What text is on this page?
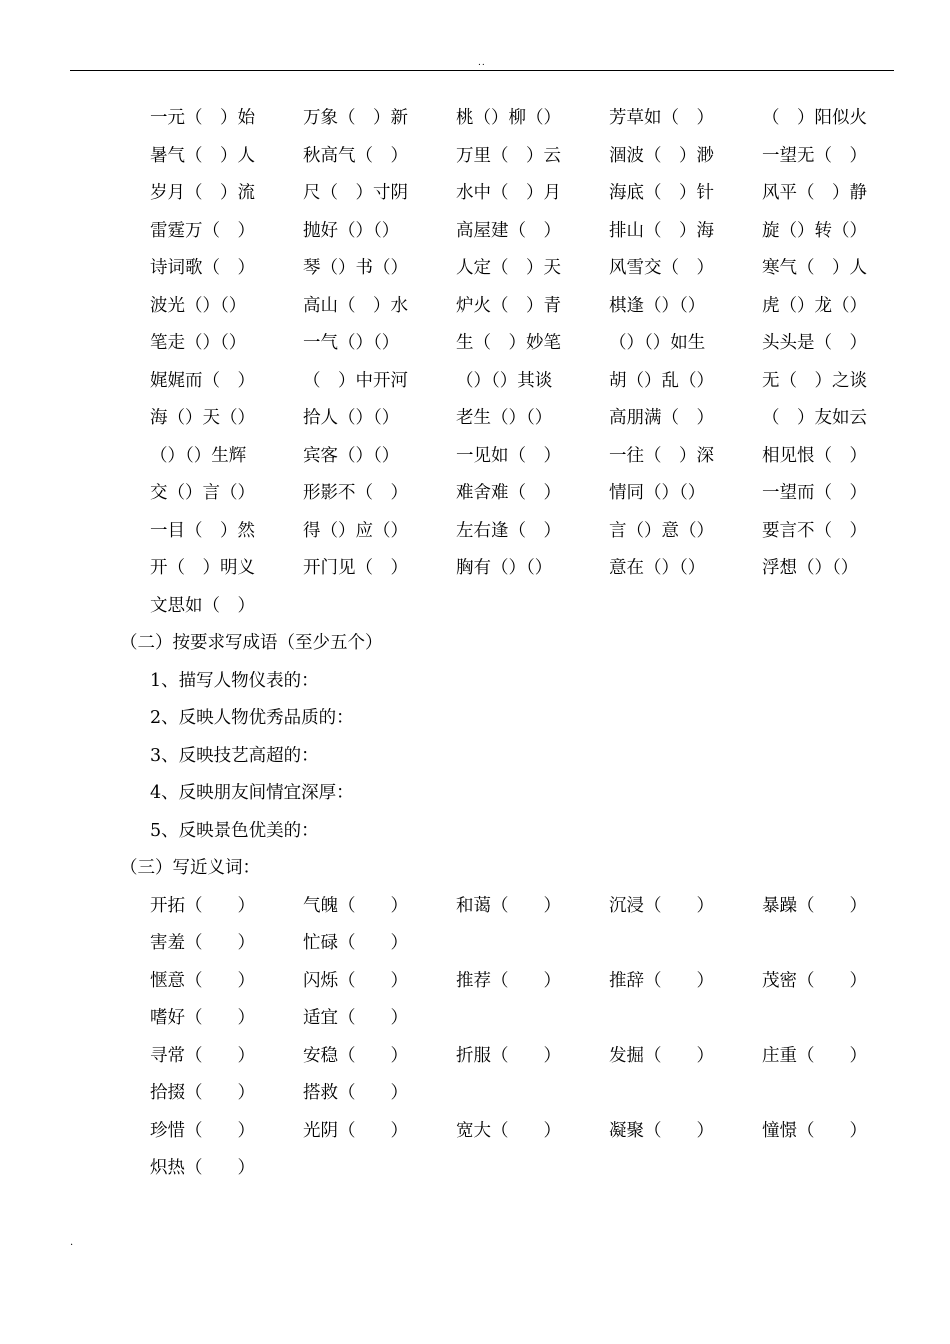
..
一元（　）始	万象（　）新	桃（）柳（）	芳草如（　）	（　）阳似火
暑气（　）人	秋高气（　）	万里（　）云	涸波（　）渺	一望无（　）
岁月（　）流	尺（　）寸阴	水中（　）月	海底（　）针	风平（　）静
雷霆万（　）	抛好（）（）	高屋建（　）	排山（　）海	旋（）转（）
诗词歌（　）	琴（）书（）	人定（　）天	风雪交（　）	寒气（　）人
波光（）（）	高山（　）水	炉火（　）青	棋逢（）（）	虎（）龙（）
笔走（）（）	一气（）（）	生（　）妙笔	（）（）如生	头头是（　）
娓娓而（　）	（　）中开河	（）（）其谈	胡（）乱（）	无（　）之谈
海（）天（）	拾人（）（）	老生（）（）	高朋满（　）	（　）友如云
（）（）生辉	宾客（）（）	一见如（　）	一往（　）深	相见恨（　）
交（）言（）	形影不（　）	难舍难（　）	情同（）（）	一望而（　）
一目（　）然	得（）应（）	左右逢（　）	言（）意（）	要言不（　）
开（　）明义	开门见（　）	胸有（）（）	意在（）（）	浮想（）（）
文思如（　）
（二）按要求写成语（至少五个）
1、描写人物仪表的：
2、反映人物优秀品质的：
3、反映技艺高超的：
4、反映朋友间情宜深厚：
5、反映景色优美的：
（三）写近义词：
开拓（　　）	气魄（　　）	和蔼（　　）	沉浸（　　）	暴躁（　　）
害羞（　　）	忙碌（　　）
惬意（　　）	闪烁（　　）	推荐（　　）	推辞（　　）	茂密（　　）
嗜好（　　）	适宜（　　）
寻常（　　）	安稳（　　）	折服（　　）	发掘（　　）	庄重（　　）
拾掇（　　）	搭救（　　）
珍惜（　　）	光阴（　　）	宽大（　　）	凝聚（　　）	憧憬（　　）
炽热（　　）
.
